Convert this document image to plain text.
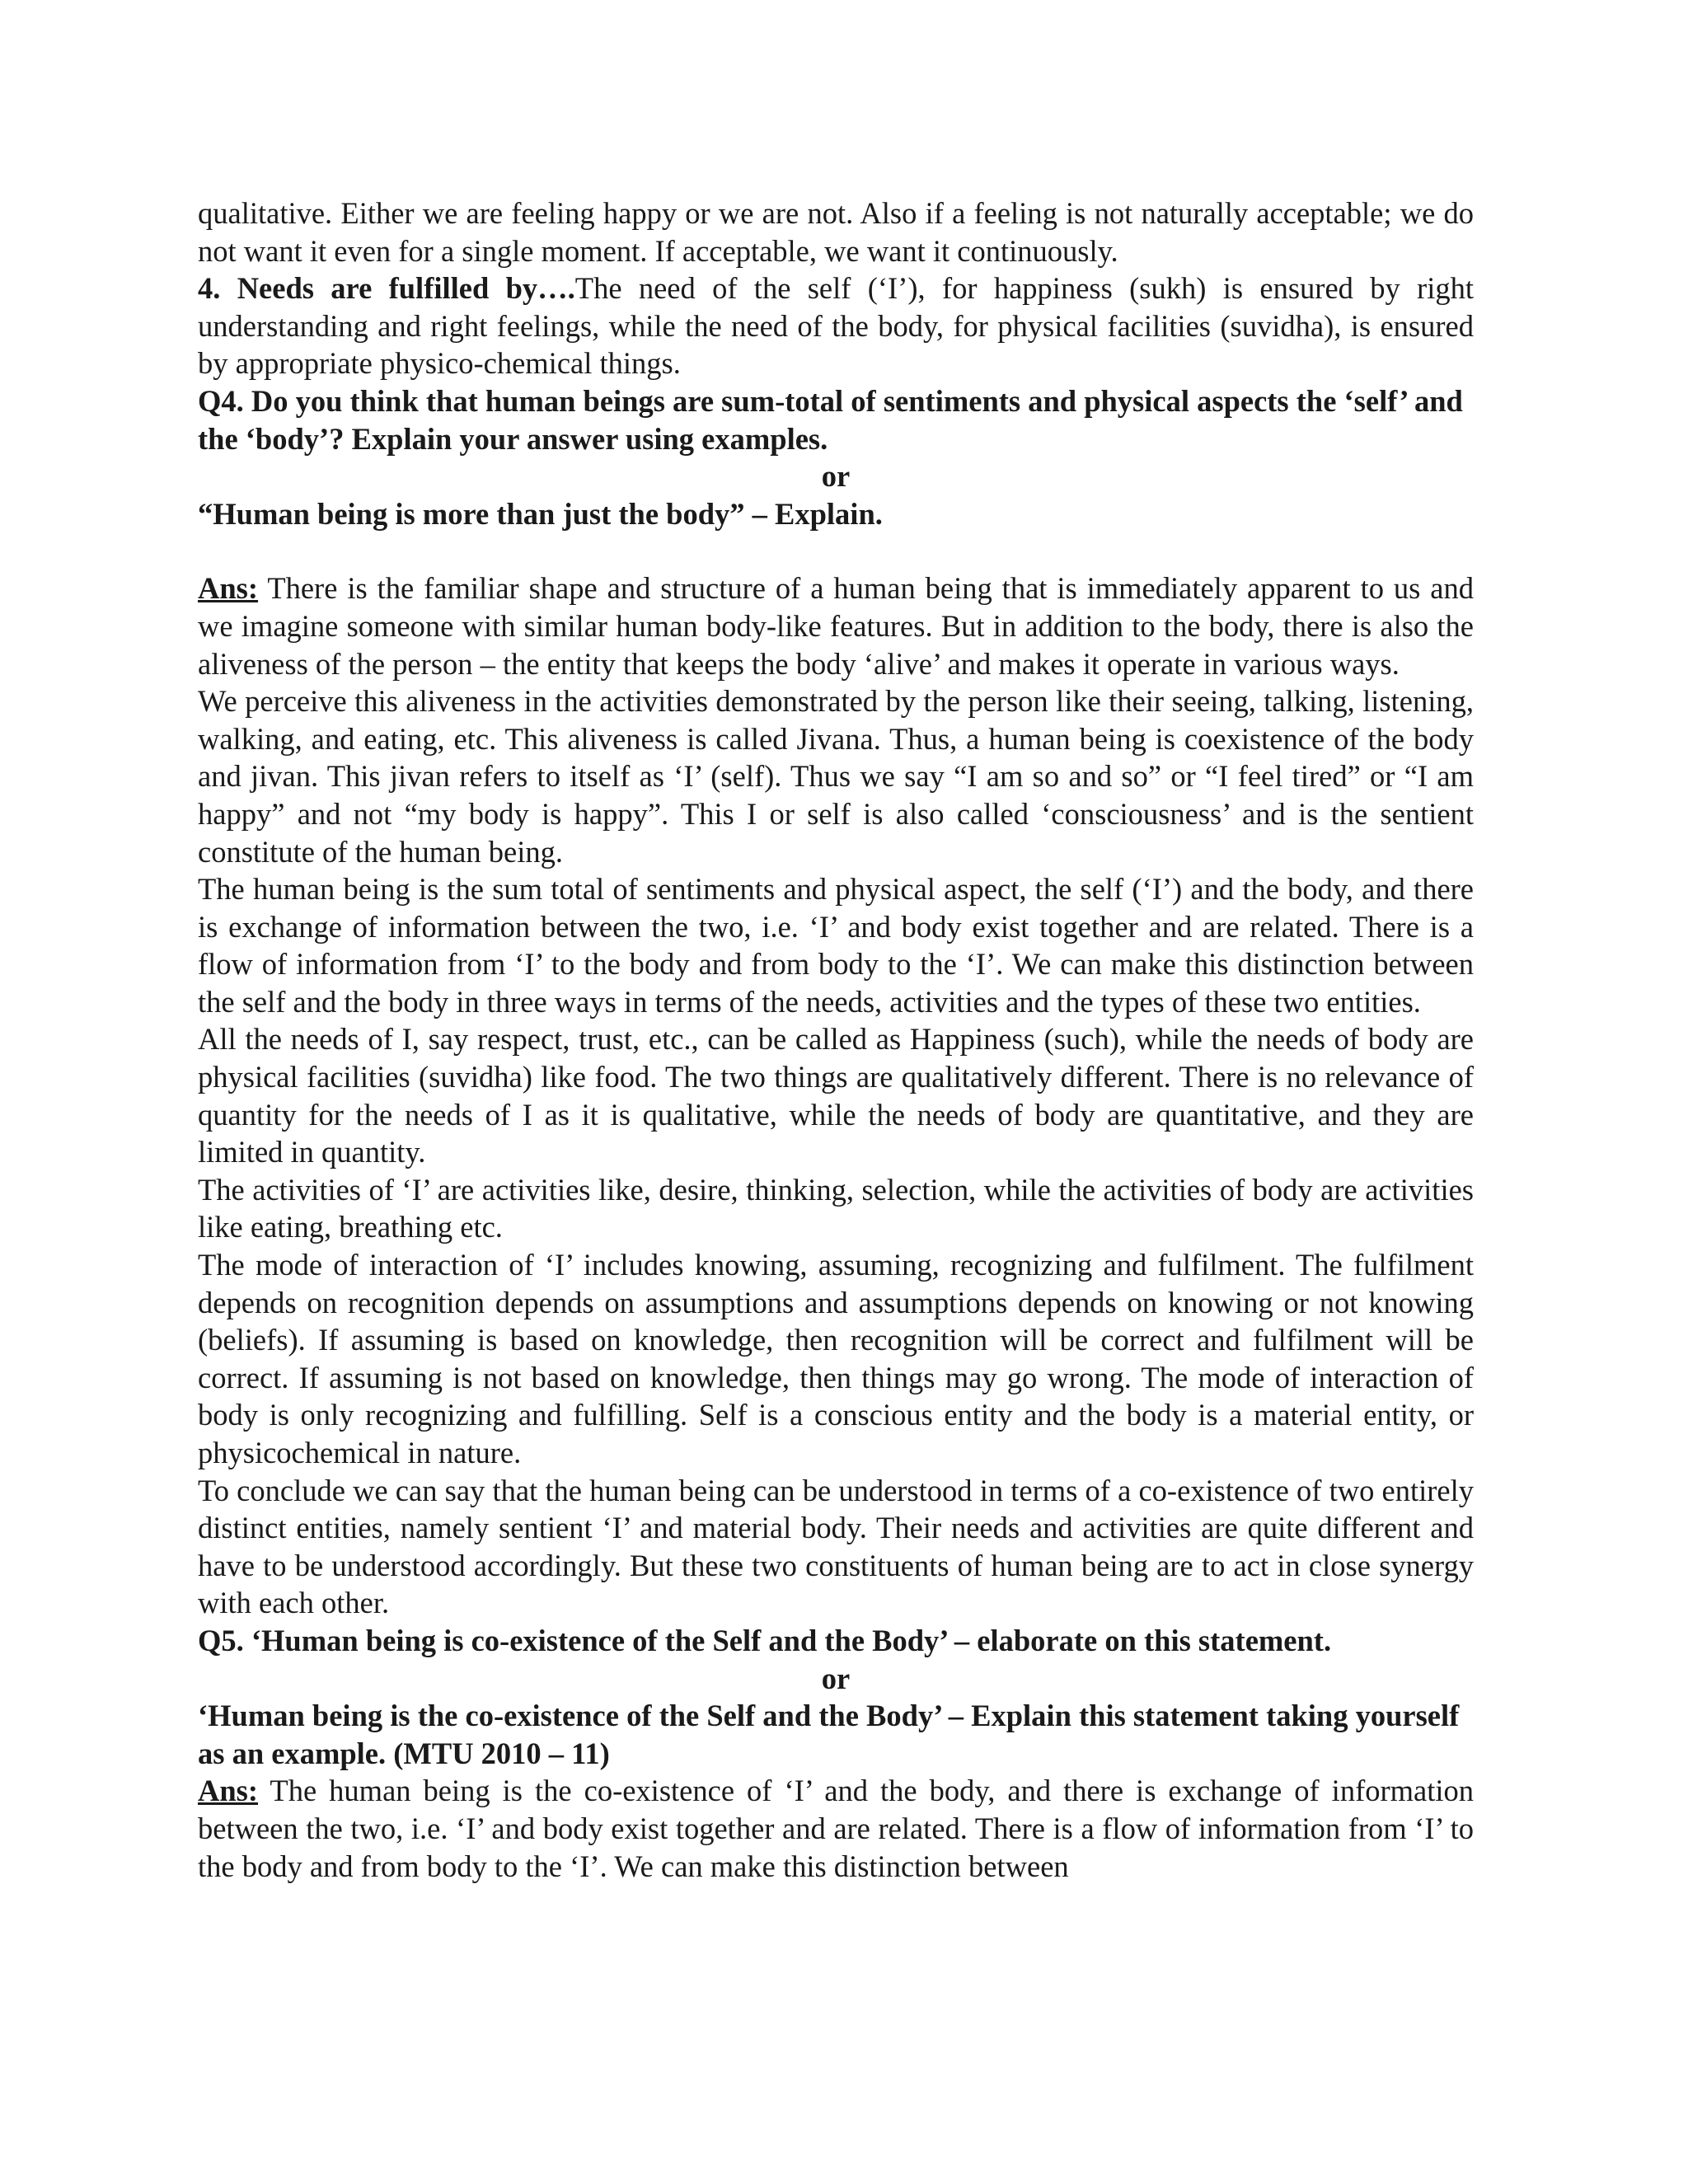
qualitative. Either we are feeling happy or we are not. Also if a feeling is not naturally acceptable; we do not want it even for a single moment. If acceptable, we want it continuously.

4. Needs are fulfilled by….The need of the self (‘I’), for happiness (sukh) is ensured by right understanding and right feelings, while the need of the body, for physical facilities (suvidha), is ensured by appropriate physico-chemical things.

Q4. Do you think that human beings are sum-total of sentiments and physical aspects the ‘self’ and the ‘body’? Explain your answer using examples.

or

“Human being is more than just the body” – Explain.

Ans: There is the familiar shape and structure of a human being that is immediately apparent to us and we imagine someone with similar human body-like features. But in addition to the body, there is also the aliveness of the person – the entity that keeps the body ‘alive’ and makes it operate in various ways.

We perceive this aliveness in the activities demonstrated by the person like their seeing, talking, listening, walking, and eating, etc. This aliveness is called Jivana. Thus, a human being is coexistence of the body and jivan. This jivan refers to itself as ‘I’ (self). Thus we say “I am so and so” or “I feel tired” or “I am happy” and not “my body is happy”. This I or self is also called ‘consciousness’ and is the sentient constitute of the human being.

The human being is the sum total of sentiments and physical aspect, the self (‘I’) and the body, and there is exchange of information between the two, i.e. ‘I’ and body exist together and are related. There is a flow of information from ‘I’ to the body and from body to the ‘I’. We can make this distinction between the self and the body in three ways in terms of the needs, activities and the types of these two entities.

All the needs of I, say respect, trust, etc., can be called as Happiness (such), while the needs of body are physical facilities (suvidha) like food. The two things are qualitatively different. There is no relevance of quantity for the needs of I as it is qualitative, while the needs of body are quantitative, and they are limited in quantity.

The activities of ‘I’ are activities like, desire, thinking, selection, while the activities of body are activities like eating, breathing etc.

The mode of interaction of ‘I’ includes knowing, assuming, recognizing and fulfilment. The fulfilment depends on recognition depends on assumptions and assumptions depends on knowing or not knowing (beliefs). If assuming is based on knowledge, then recognition will be correct and fulfilment will be correct. If assuming is not based on knowledge, then things may go wrong. The mode of interaction of body is only recognizing and fulfilling. Self is a conscious entity and the body is a material entity, or physicochemical in nature.

To conclude we can say that the human being can be understood in terms of a co-existence of two entirely distinct entities, namely sentient ‘I’ and material body. Their needs and activities are quite different and have to be understood accordingly. But these two constituents of human being are to act in close synergy with each other.

Q5. ‘Human being is co-existence of the Self and the Body’ – elaborate on this statement.

or

‘Human being is the co-existence of the Self and the Body’ – Explain this statement taking yourself as an example. (MTU 2010 – 11)

Ans: The human being is the co-existence of ‘I’ and the body, and there is exchange of information between the two, i.e. ‘I’ and body exist together and are related. There is a flow of information from ‘I’ to the body and from body to the ‘I’. We can make this distinction between
